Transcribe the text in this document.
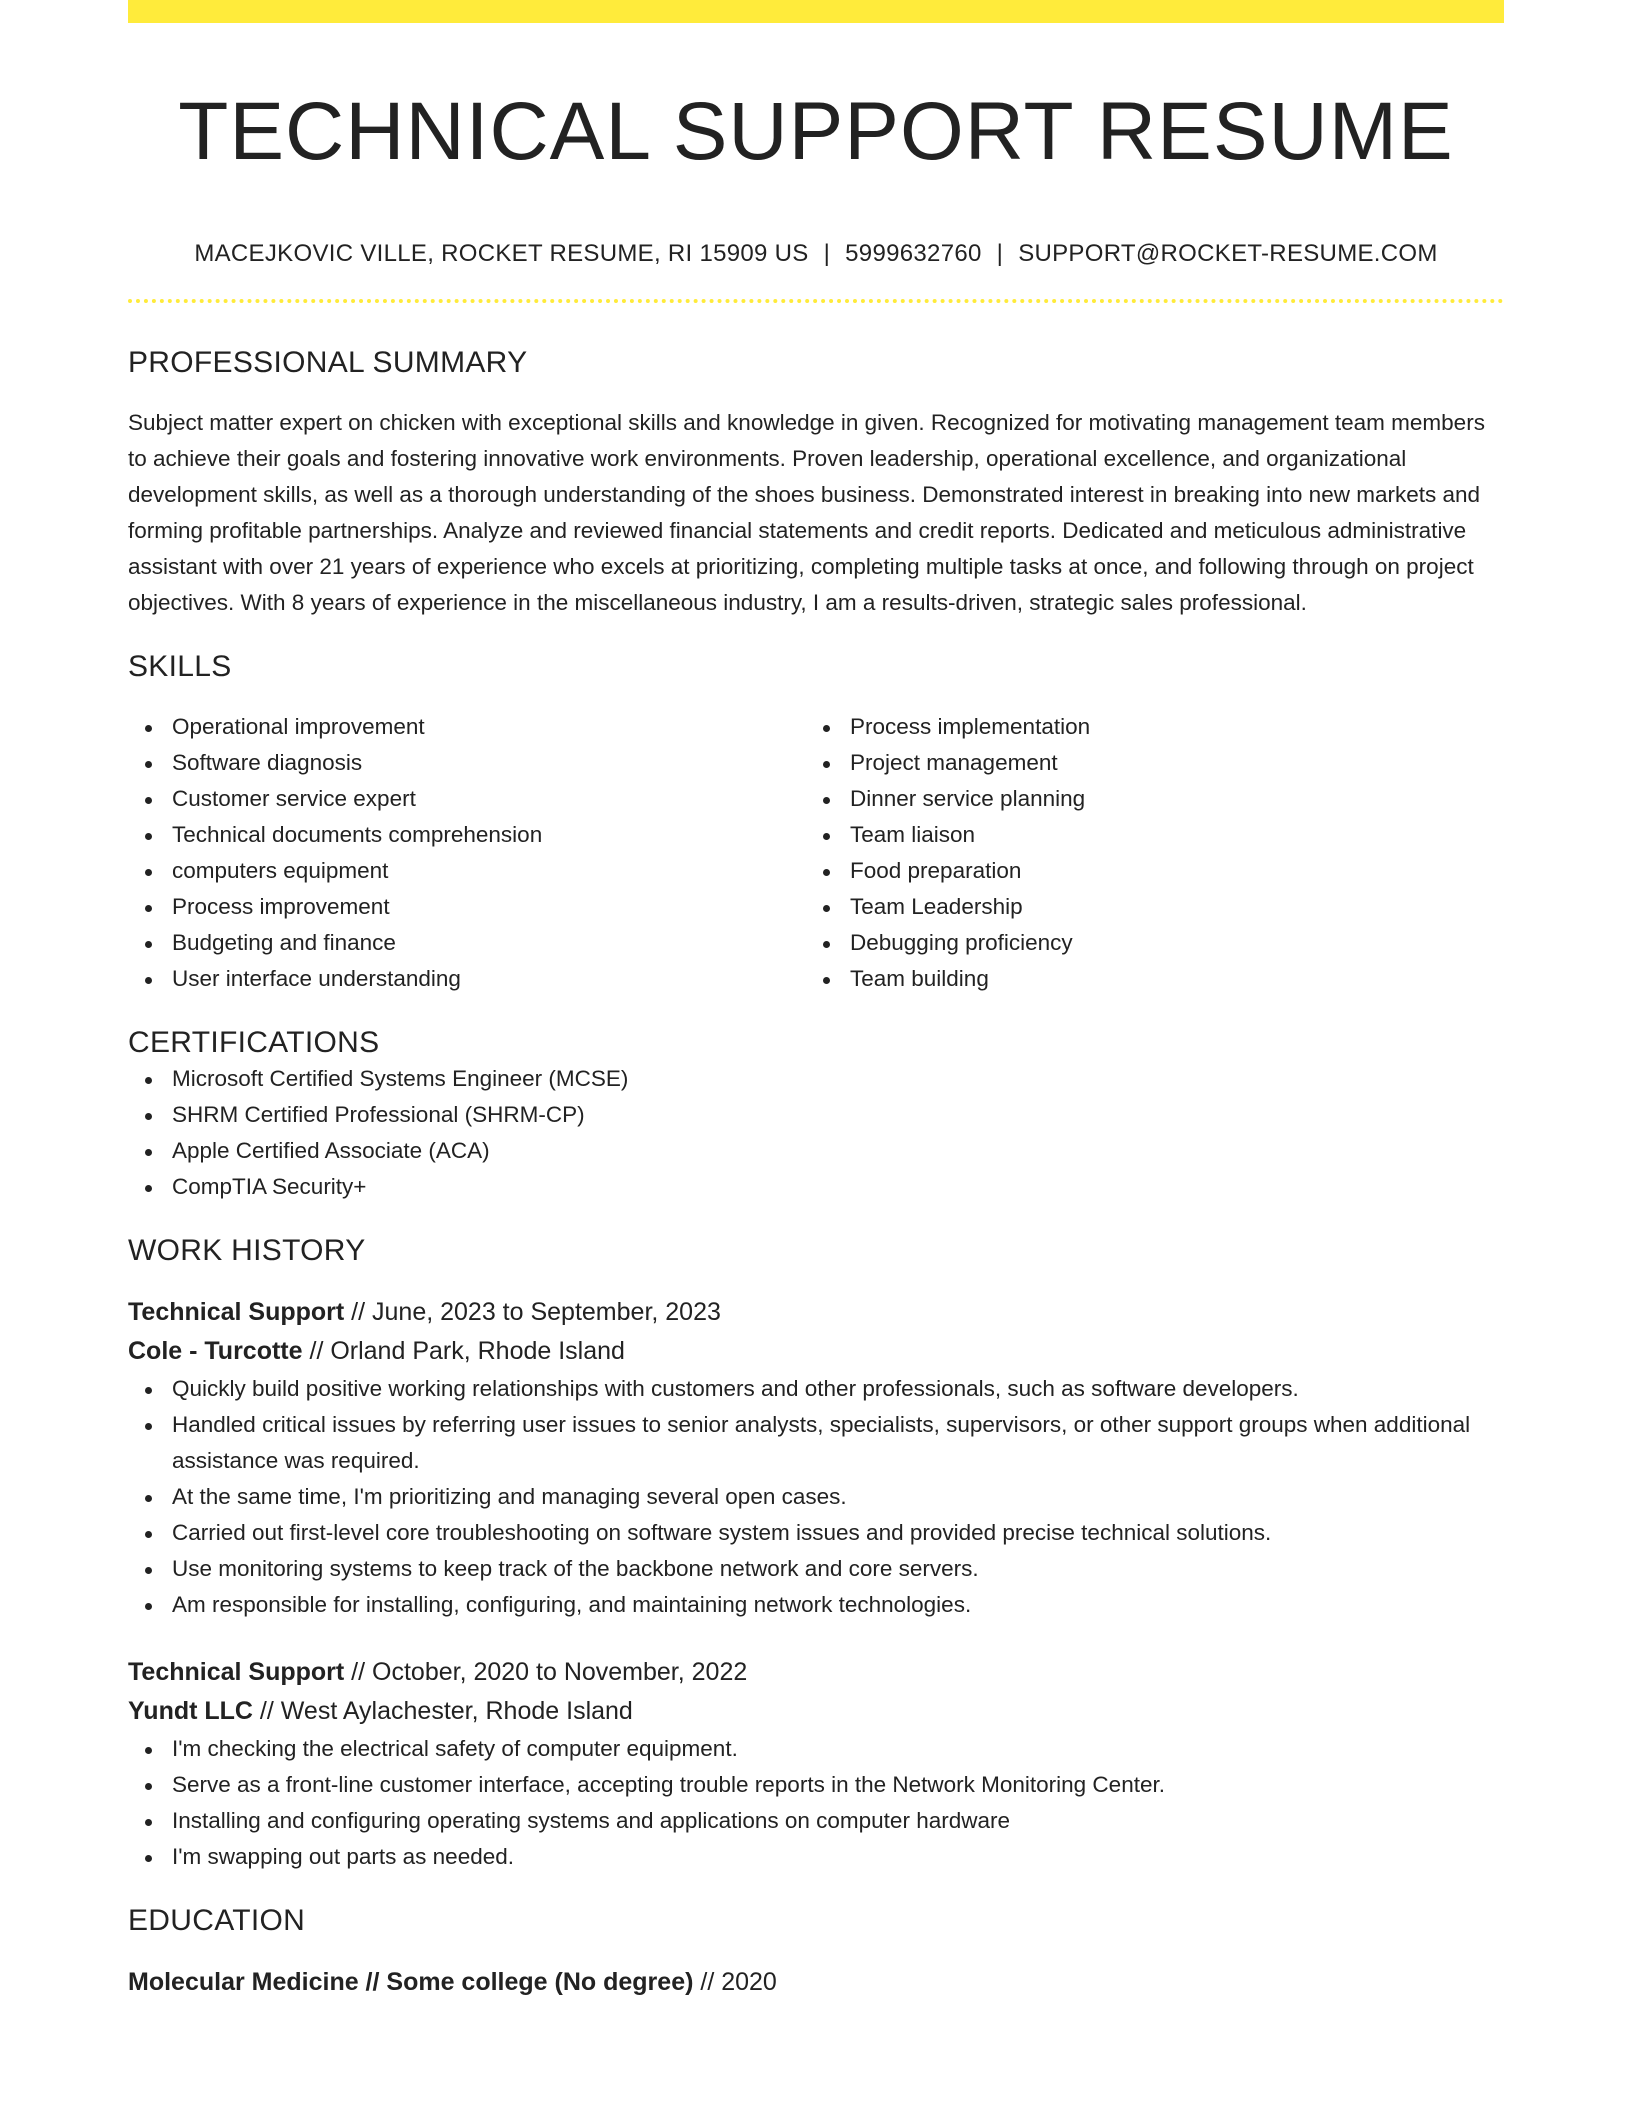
TECHNICAL SUPPORT RESUME
MACEJKOVIC VILLE, ROCKET RESUME, RI 15909 US | 5999632760 | SUPPORT@ROCKET-RESUME.COM
PROFESSIONAL SUMMARY

Subject matter expert on chicken with exceptional skills and knowledge in given. Recognized for motivating management team members to achieve their goals and fostering innovative work environments. Proven leadership, operational excellence, and organizational development skills, as well as a thorough understanding of the shoes business. Demonstrated interest in breaking into new markets and forming profitable partnerships. Analyze and reviewed financial statements and credit reports. Dedicated and meticulous administrative assistant with over 21 years of experience who excels at prioritizing, completing multiple tasks at once, and following through on project objectives. With 8 years of experience in the miscellaneous industry, I am a results-driven, strategic sales professional.

SKILLS
Operational improvement
Software diagnosis
Customer service expert
Technical documents comprehension
computers equipment
Process improvement
Budgeting and finance
User interface understanding
Process implementation
Project management
Dinner service planning
Team liaison
Food preparation
Team Leadership
Debugging proficiency
Team building
CERTIFICATIONS
Microsoft Certified Systems Engineer (MCSE)
SHRM Certified Professional (SHRM-CP)
Apple Certified Associate (ACA)
CompTIA Security+
WORK HISTORY
Technical Support // June, 2023 to September, 2023
Cole - Turcotte // Orland Park, Rhode Island
Quickly build positive working relationships with customers and other professionals, such as software developers.
Handled critical issues by referring user issues to senior analysts, specialists, supervisors, or other support groups when additional assistance was required.
At the same time, I'm prioritizing and managing several open cases.
Carried out first-level core troubleshooting on software system issues and provided precise technical solutions.
Use monitoring systems to keep track of the backbone network and core servers.
Am responsible for installing, configuring, and maintaining network technologies.
Technical Support // October, 2020 to November, 2022
Yundt LLC // West Aylachester, Rhode Island
I'm checking the electrical safety of computer equipment.
Serve as a front-line customer interface, accepting trouble reports in the Network Monitoring Center.
Installing and configuring operating systems and applications on computer hardware
I'm swapping out parts as needed.
EDUCATION
Molecular Medicine // Some college (No degree) // 2020
